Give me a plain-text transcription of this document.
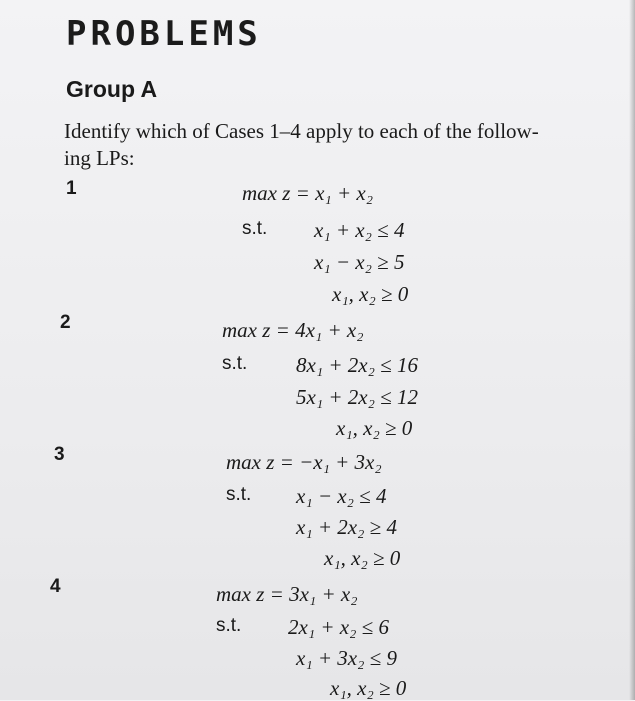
PROBLEMS
Group A
Identify which of Cases 1–4 apply to each of the follow-
ing LPs:
1	max z = x₁ + x₂
s.t. x₁ + x₂ ≤ 4
x₁ − x₂ ≥ 5
x₁, x₂ ≥ 0
2	max z = 4x₁ + x₂
s.t. 8x₁ + 2x₂ ≤ 16
5x₁ + 2x₂ ≤ 12
x₁, x₂ ≥ 0
3	max z = −x₁ + 3x₂
s.t. x₁ − x₂ ≤ 4
x₁ + 2x₂ ≥ 4
x₁, x₂ ≥ 0
4	max z = 3x₁ + x₂
s.t. 2x₁ + x₂ ≤ 6
x₁ + 3x₂ ≤ 9
x₁, x₂ ≥ 0
